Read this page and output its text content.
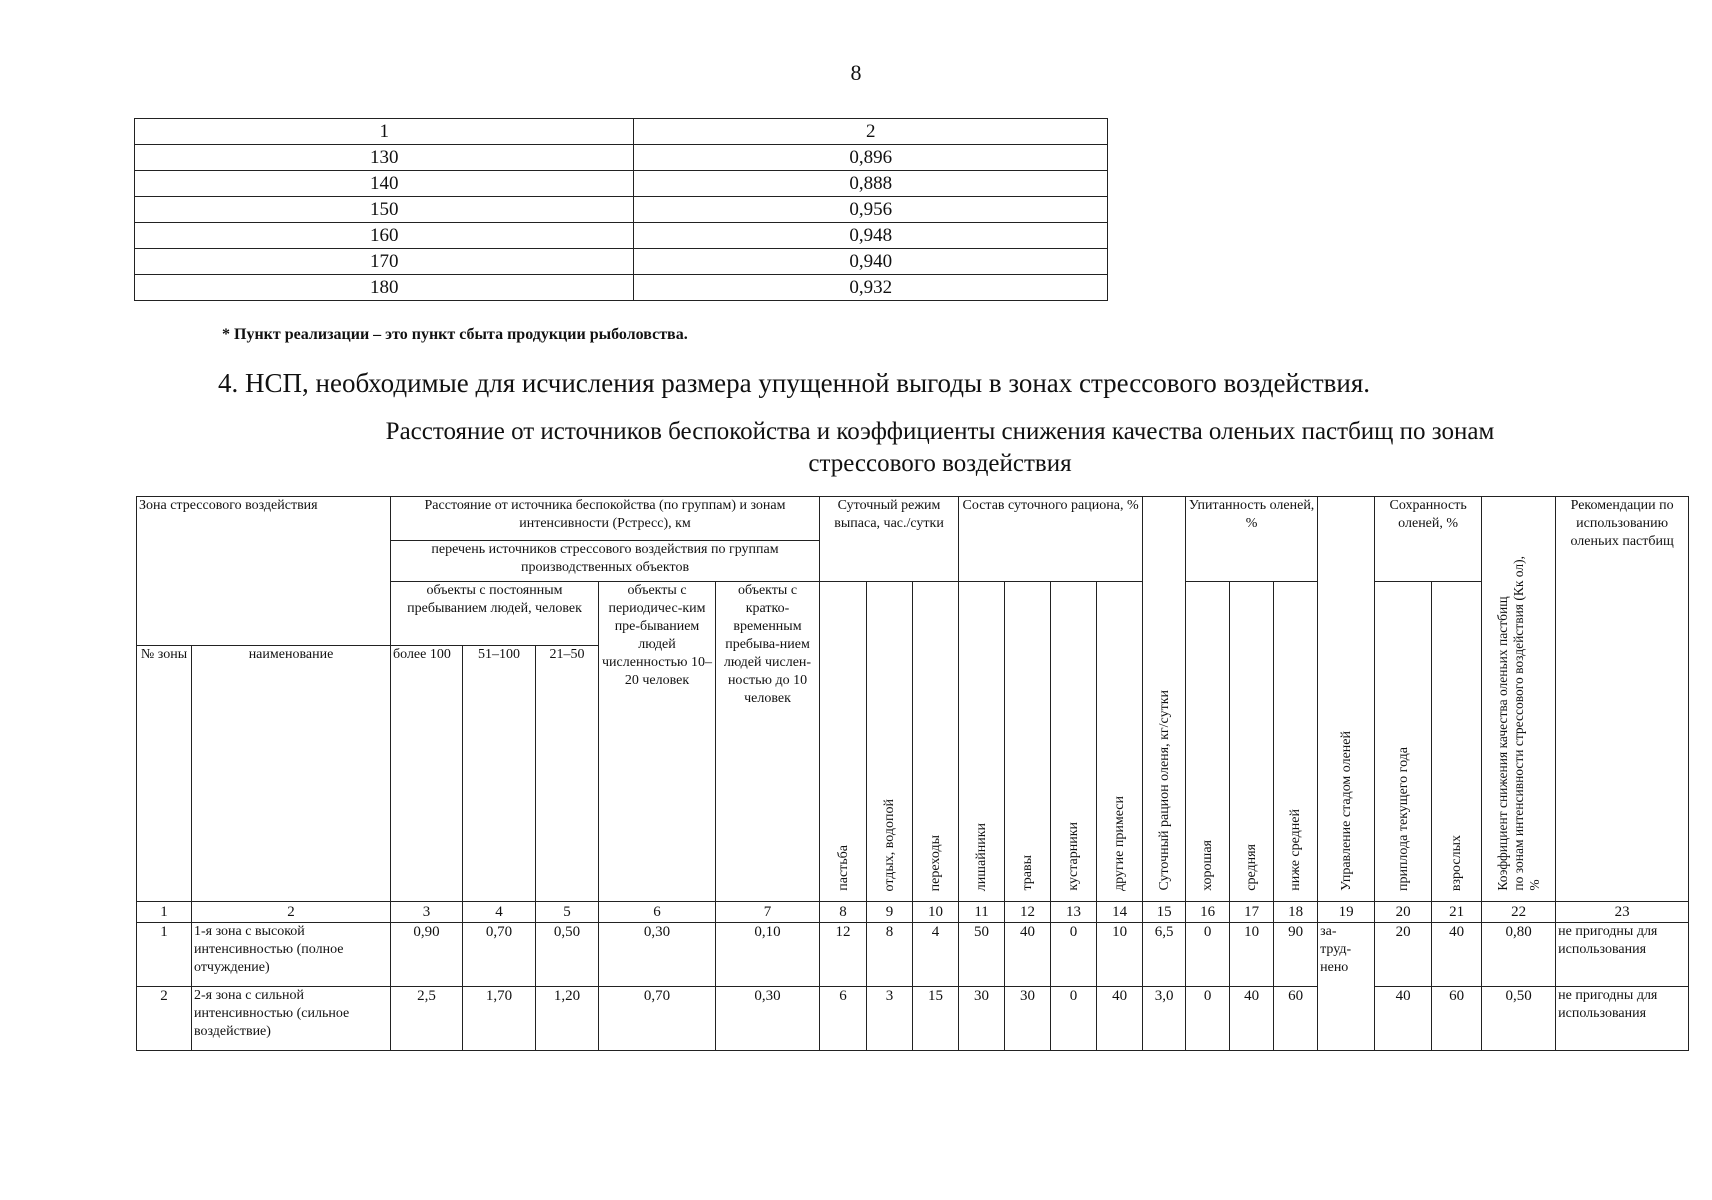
8
1	2
130	0,896
140	0,888
150	0,956
160	0,948
170	0,940
180	0,932
* Пункт реализации – это пункт сбыта продукции рыболовства.
4. НСП, необходимые для исчисления размера упущенной выгоды в зонах стрессового воздействия.
Расстояние от источников беспокойства и коэффициенты снижения качества оленьих пастбищ по зонам
стрессового воздействия
Зона стрессового воздействия		Расстояние от источника беспокойства (по группам) и зонам интенсивности (Рстресс), км					Суточный режим выпаса, час./сутки			Состав суточного рациона, %				Суточный рацион оленя, кг/сутки	Упитанность оленей, %			Управление стадом оленей	Сохранность оленей, %		Коэффициент снижения качества оленьих пастбищ
по зонам интенсивности стрессового воздействия (Кк ол),
%	Рекомендации по использованию оленьих пастбищ
		перечень источников стрессового воздействия по группам производственных объектов																				
		объекты с постоянным пребыванием людей, человек			объекты с периодичес-ким пре-быванием людей численностью 10–20 человек	объекты с кратко-временным пребыва-нием людей числен-ностью до 10 человек	пастьба	отдых, водопой	переходы	лишайники	травы	кустарники	другие примеси		хорошая	средняя	ниже средней		приплода текущего года	взрослых		
№ зоны	наименование	более 100	51–100	21–50																		
1	2	3	4	5	6	7	8	9	10	11	12	13	14	15	16	17	18	19	20	21	22	23
1	1-я зона с высокой интенсивностью (полное отчуждение)	0,90	0,70	0,50	0,30	0,10	12	8	4	50	40	0	10	6,5	0	10	90	за-
труд-
нено	20	40	0,80	не пригодны для использования
2	2-я зона с сильной интенсивностью (сильное воздействие)	2,5	1,70	1,20	0,70	0,30	6	3	15	30	30	0	40	3,0	0	40	60		40	60	0,50	не пригодны для использования
